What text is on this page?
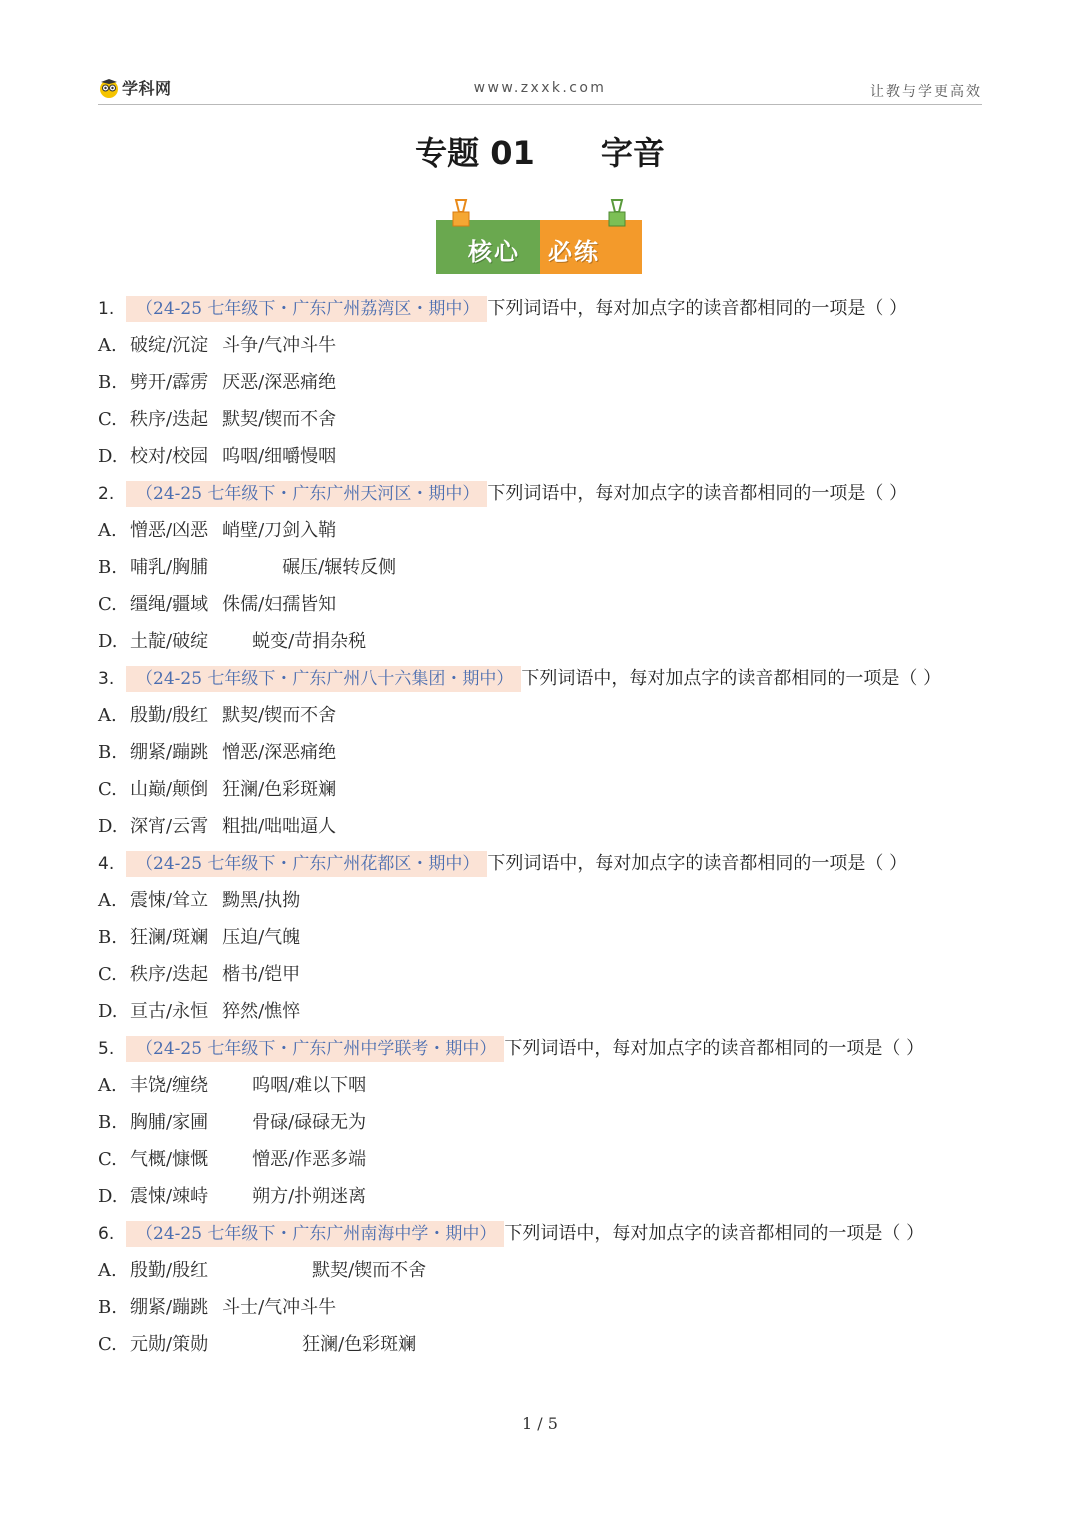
学科网	www.zxxk.com	让教与学更高效
专题 01 字音
核心 必练
1. （24-25 七年级下・广东广州荔湾区・期中） 下列词语中，每对加点字的读音都相同的一项是（ ）
A. 破绽/沉淀 斗争/气冲斗牛
B. 劈开/霹雳 厌恶/深恶痛绝
C. 秩序/迭起 默契/锲而不舍
D. 校对/校园 呜咽/细嚼慢咽
2. （24-25 七年级下・广东广州天河区・期中） 下列词语中，每对加点字的读音都相同的一项是（ ）
A. 憎恶/凶恶 峭壁/刀剑入鞘
B. 哺乳/胸脯	碾压/辗转反侧
C. 缰绳/疆域 侏儒/妇孺皆知
D. 土靛/破绽 蜕变/苛捐杂税
3. （24-25 七年级下・广东广州八十六集团・期中） 下列词语中，每对加点字的读音都相同的一项是（ ）
A. 殷勤/殷红 默契/锲而不舍
B. 绷紧/蹦跳 憎恶/深恶痛绝
C. 山巅/颠倒 狂澜/色彩斑斓
D. 深宵/云霄 粗拙/咄咄逼人
4. （24-25 七年级下・广东广州花都区・期中） 下列词语中，每对加点字的读音都相同的一项是（ ）
A. 震悚/耸立 黝黑/执拗
B. 狂澜/斑斓 压迫/气魄
C. 秩序/迭起 楷书/铠甲
D. 亘古/永恒 猝然/憔悴
5. （24-25 七年级下・广东广州中学联考・期中） 下列词语中，每对加点字的读音都相同的一项是（ ）
A. 丰饶/缠绕 呜咽/难以下咽
B. 胸脯/家圃 骨碌/碌碌无为
C. 气概/慷慨 憎恶/作恶多端
D. 震悚/竦峙 朔方/扑朔迷离
6. （24-25 七年级下・广东广州南海中学・期中） 下列词语中，每对加点字的读音都相同的一项是（ ）
A. 殷勤/殷红	默契/锲而不舍
B. 绷紧/蹦跳 斗士/气冲斗牛
C. 元勋/策勋	狂澜/色彩斑斓
1 / 5
